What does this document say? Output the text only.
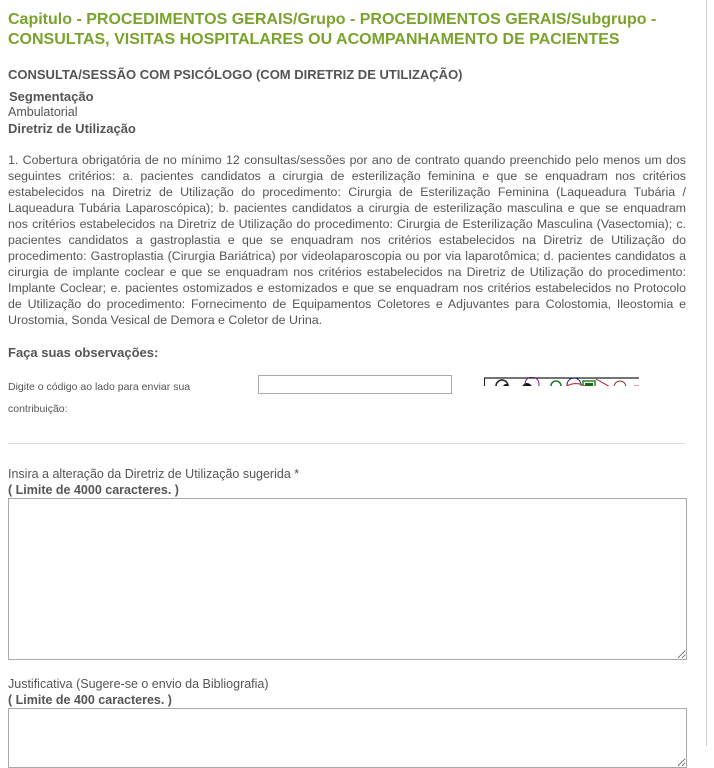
Capitulo - PROCEDIMENTOS GERAIS/Grupo - PROCEDIMENTOS GERAIS/Subgrupo - CONSULTAS, VISITAS HOSPITALARES OU ACOMPANHAMENTO DE PACIENTES
CONSULTA/SESSÃO COM PSICÓLOGO (COM DIRETRIZ DE UTILIZAÇÃO)
Segmentação
Ambulatorial
Diretriz de Utilização

1. Cobertura obrigatória de no mínimo 12 consultas/sessões por ano de contrato quando preenchido pelo menos um dos seguintes critérios: a. pacientes candidatos a cirurgia de esterilização feminina e que se enquadram nos critérios estabelecidos na Diretriz de Utilização do procedimento: Cirurgia de Esterilização Feminina (Laqueadura Tubária / Laqueadura Tubária Laparoscópica); b. pacientes candidatos a cirurgia de esterilização masculina e que se enquadram nos critérios estabelecidos na Diretriz de Utilização do procedimento: Cirurgia de Esterilização Masculina (Vasectomia); c. pacientes candidatos a gastroplastia e que se enquadram nos critérios estabelecidos na Diretriz de Utilização do procedimento: Gastroplastia (Cirurgia Bariátrica) por videolaparoscopia ou por via laparotômica; d. pacientes candidatos a cirurgia de implante coclear e que se enquadram nos critérios estabelecidos na Diretriz de Utilização do procedimento: Implante Coclear; e. pacientes ostomizados e estomizados e que se enquadram nos critérios estabelecidos no Protocolo de Utilização do procedimento: Fornecimento de Equipamentos Coletores e Adjuvantes para Colostomia, Ileostomia e Urostomia, Sonda Vesical de Demora e Coletor de Urina.

Faça suas observações:
Digite o código ao lado para enviar sua contribuição:
Insira a alteração da Diretriz de Utilização sugerida *
( Limite de 4000 caracteres. )
Justificativa (Sugere-se o envio da Bibliografia)
( Limite de 400 caracteres. )
